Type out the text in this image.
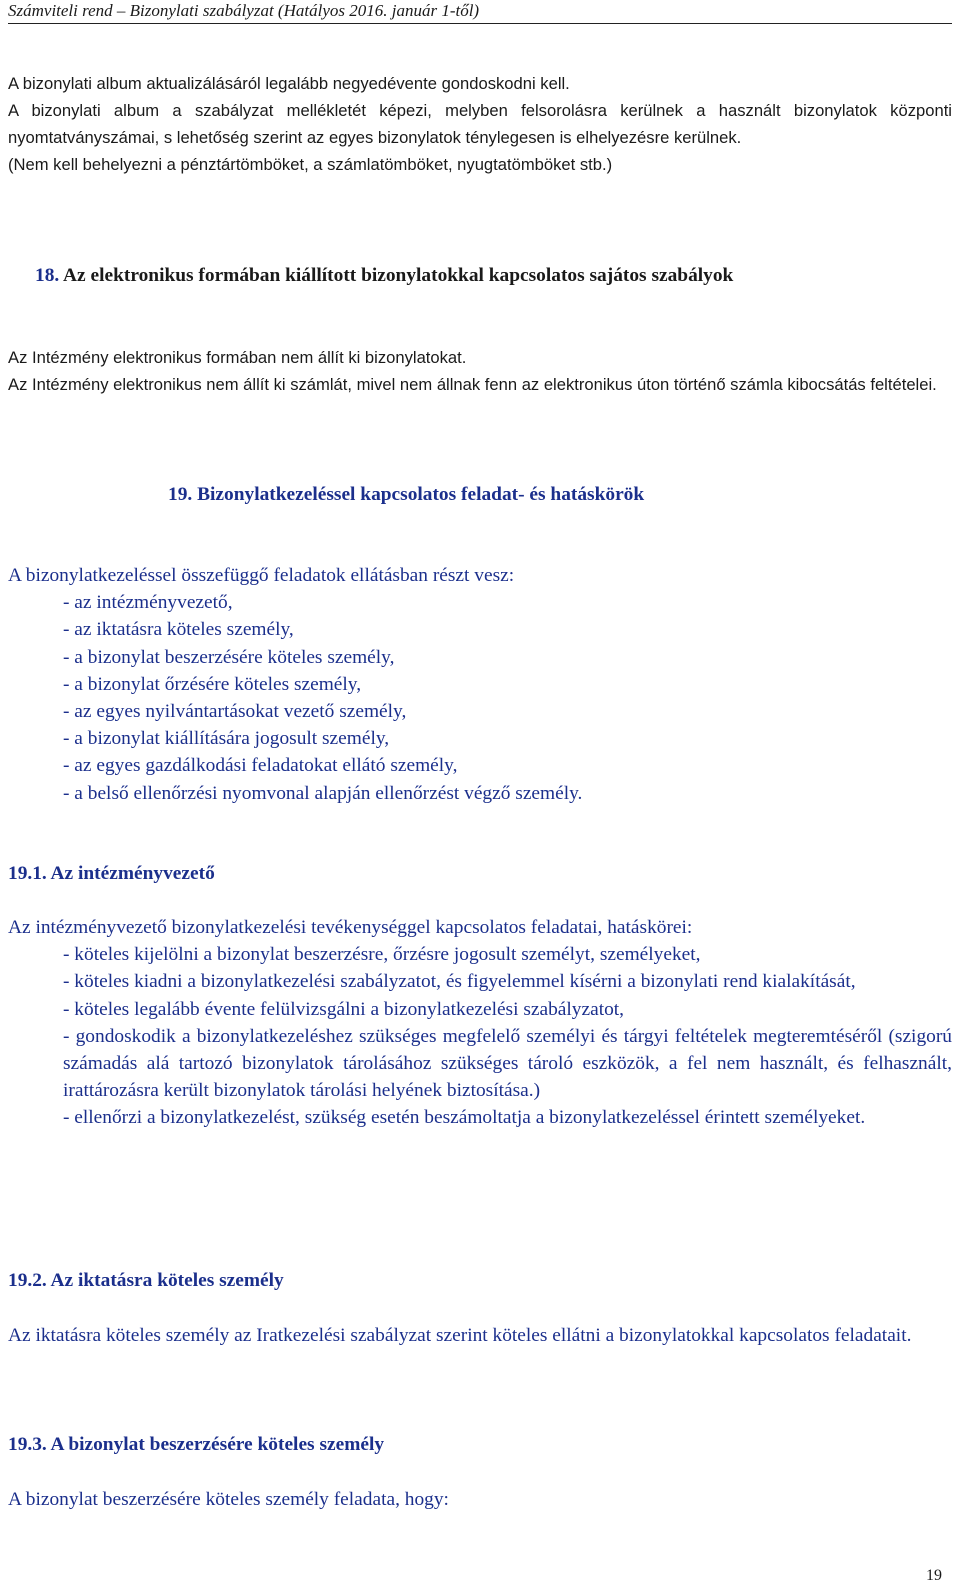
Számviteli rend – Bizonylati szabályzat (Hatályos 2016. január 1-től)

A bizonylati album aktualizálásáról legalább negyedévente gondoskodni kell.

A bizonylati album a szabályzat mellékletét képezi, melyben felsorolásra kerülnek a használt bizonylatok központi nyomtatványszámai, s lehetőség szerint az egyes bizonylatok ténylegesen is elhelyezésre kerülnek.

(Nem kell behelyezni a pénztártömböket, a számlatömböket, nyugtatömböket stb.)

18. Az elektronikus formában kiállított bizonylatokkal kapcsolatos sajátos szabályok

Az Intézmény elektronikus formában nem állít ki bizonylatokat.

Az Intézmény elektronikus nem állít ki számlát, mivel nem állnak fenn az elektronikus úton történő számla kibocsátás feltételei.

19. Bizonylatkezeléssel kapcsolatos feladat- és hatáskörök

A bizonylatkezeléssel összefüggő feladatok ellátásban részt vesz:

- az intézményvezető,

- az iktatásra köteles személy,

- a bizonylat beszerzésére köteles személy,

- a bizonylat őrzésére köteles személy,

- az egyes nyilvántartásokat vezető személy,

- a bizonylat kiállítására jogosult személy,

- az egyes gazdálkodási feladatokat ellátó személy,

- a belső ellenőrzési nyomvonal alapján ellenőrzést végző személy.

19.1. Az intézményvezető

Az intézményvezető bizonylatkezelési tevékenységgel kapcsolatos feladatai, hatáskörei:

- köteles kijelölni a bizonylat beszerzésre, őrzésre jogosult személyt, személyeket,

- köteles kiadni a bizonylatkezelési szabályzatot, és figyelemmel kísérni a bizonylati rend kialakítását,

- köteles legalább évente felülvizsgálni a bizonylatkezelési szabályzatot,

- gondoskodik a bizonylatkezeléshez szükséges megfelelő személyi és tárgyi feltételek megteremtéséről (szigorú számadás alá tartozó bizonylatok tárolásához szükséges tároló eszközök, a fel nem használt, és felhasznált, irattározásra került bizonylatok tárolási helyének biztosítása.)

- ellenőrzi a bizonylatkezelést, szükség esetén beszámoltatja a bizonylatkezeléssel érintett személyeket.

19.2. Az iktatásra köteles személy

Az iktatásra köteles személy az Iratkezelési szabályzat szerint köteles ellátni a bizonylatokkal kapcsolatos feladatait.

19.3. A bizonylat beszerzésére köteles személy

A bizonylat beszerzésére köteles személy feladata, hogy:

19
